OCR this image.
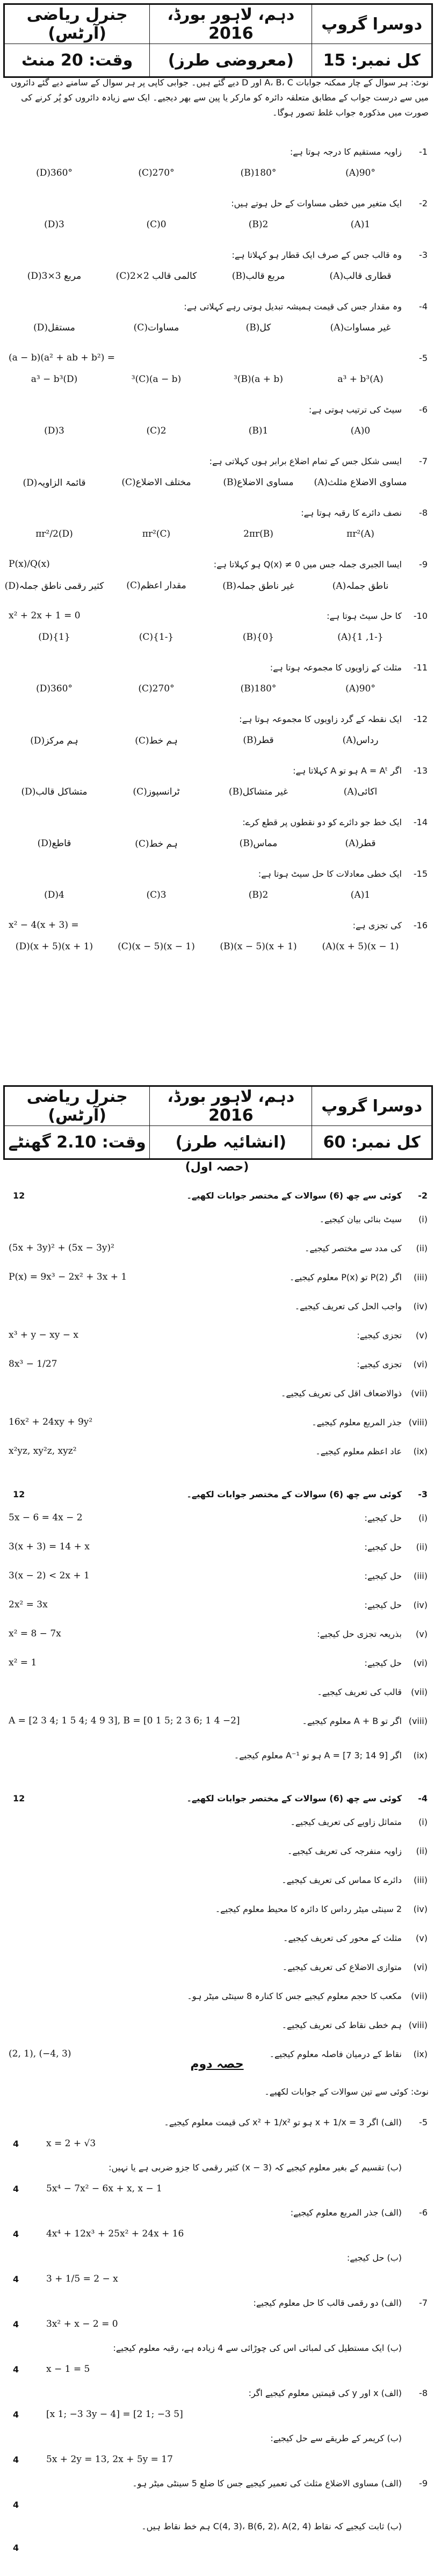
جنرل ریاضی (آرٹس)	دہم، لاہور بورڈ، 2016	دوسرا گروپ
وقت: 20 منٹ	(معروضی طرز)	کل نمبر: 15
نوٹ: ہر سوال کے چار ممکنہ جوابات A، B، C اور D دیے گئے ہیں۔ جوابی کاپی پر ہر سوال کے سامنے دیے گئے دائروں میں سے درست جواب کے مطابق متعلقہ دائرہ کو مارکر یا پین سے بھر دیجیے۔ ایک سے زیادہ دائروں کو پُر کرنے کی صورت میں مذکورہ جواب غلط تصور ہوگا۔
زاویہ مستقیم کا درجہ ہوتا ہے:	-1
90°(A)
180°(B)
270°(C)
360°(D)
ایک متغیر میں خطی مساوات کے حل ہوتے ہیں:	-2
1(A)
2(B)
0(C)
3(D)
وہ قالب جس کے صرف ایک قطار ہو کہلاتا ہے:	-3
قطاری قالب(A)
مربع قالب(B)
کالمی قالب 2×2(C)
مربع 3×3(D)
وہ مقدار جس کی قیمت ہمیشہ تبدیل ہوتی رہے کہلاتی ہے:	-4
غیر مساوات(A)
کل(B)
مساوات(C)
مستقل(D)
-5
(a − b)(a² + ab + b²) =
a³ + b³(A)
(a + b)³(B)
(a − b)³(C)
a³ − b³(D)
سیٹ کی ترتیب ہوتی ہے:	-6
0(A)
1(B)
2(C)
3(D)
ایسی شکل جس کے تمام اضلاع برابر ہوں کہلاتی ہے:	-7
مساوی الاضلاع مثلث(A)
مساوی الاضلاع(B)
مختلف الاضلاع(C)
قائمۃ الزاویہ(D)
نصف دائرے کا رقبہ ہوتا ہے:	-8
πr²(A)
2πr(B)
πr²(C)
πr²/2(D)
ایسا الجبری جملہ جس میں Q(x) ≠ 0 ہو کہلاتا ہے:	-9
P(x)/Q(x)
ناطق جملہ(A)
غیر ناطق جملہ(B)
مقدار اعظم(C)
کثیر رقمی ناطق جملہ(D)
کا حل سیٹ ہوتا ہے:	-10
x² + 2x + 1 = 0
{-1, 1}(A)
{0}(B)
{-1}(C)
{1}(D)
مثلث کے زاویوں کا مجموعہ ہوتا ہے:	-11
90°(A)
180°(B)
270°(C)
360°(D)
ایک نقطہ کے گرد زاویوں کا مجموعہ ہوتا ہے:	-12
رداس(A)
قطر(B)
ہم خط(C)
ہم مرکز(D)
اگر A = Aᵗ ہو تو A کہلاتا ہے:	-13
اکائی(A)
غیر متشاکل(B)
ٹرانسپوز(C)
متشاکل قالب(D)
ایک خط جو دائرے کو دو نقطوں پر قطع کرے:	-14
قطر(A)
مماس(B)
ہم خط(C)
قاطع(D)
ایک خطی معادلات کا حل سیٹ ہوتا ہے:	-15
1(A)
2(B)
3(C)
4(D)
کی تجزی ہے:	-16
x² − 4(x + 3) =
(x − 1)(x + 5)(A)
(x + 1)(x − 5)(B)
(x − 1)(x − 5)(C)
(x + 1)(x + 5)(D)
جنرل ریاضی (آرٹس)	دہم، لاہور بورڈ، 2016	دوسرا گروپ
وقت: 2.10 گھنٹے	(انشائیہ طرز)	کل نمبر: 60
(حصہ اول)
کوئی سے چھ (6) سوالات کے مختصر جوابات لکھیے۔	-2
12
سیٹ بنائی بیان کیجیے۔	(i)
کی مدد سے مختصر کیجیے۔	(ii)
(5x + 3y)² + (5x − 3y)²
اگر P(2) تو P(x) معلوم کیجیے۔	(iii)
P(x) = 9x³ − 2x² + 3x + 1
واجب الحل کی تعریف کیجیے۔	(iv)
تجزی کیجیے:	(v)
x³ + y − xy − x
تجزی کیجیے:	(vi)
8x³ − 1/27
ذوالاضعاف اقل کی تعریف کیجیے۔	(vii)
جذر المربع معلوم کیجیے۔ (viii)
16x² + 24xy + 9y²
عاد اعظم معلوم کیجیے۔	(ix)
x²yz, xy²z, xyz²
کوئی سے چھ (6) سوالات کے مختصر جوابات لکھیے۔	-3
12
حل کیجیے:	(i)
5x − 6 = 4x − 2
حل کیجیے:	(ii)
3(x + 3) = 14 + x
حل کیجیے:	(iii)
3(x − 2) < 2x + 1
حل کیجیے:	(iv)
2x² = 3x
بذریعہ تجزی حل کیجیے:	(v)
x² = 8 − 7x
حل کیجیے:	(vi)
x² = 1
قالب کی تعریف کیجیے۔	(vii)
اگر تو A + B معلوم کیجیے۔ (viii)
A = [2 3 4; 1 5 4; 4 9 3], B = [0 1 5; 2 3 6; 1 4 −2]
اگر A = [7 3; 14 9] ہو تو A⁻¹ معلوم کیجیے۔	(ix)
کوئی سے چھ (6) سوالات کے مختصر جوابات لکھیے۔	-4
12
متماثل زاویے کی تعریف کیجیے۔	(i)
زاویہ منفرجہ کی تعریف کیجیے۔	(ii)
دائرے کا مماس کی تعریف کیجیے۔	(iii)
2 سینٹی میٹر رداس کا دائرہ کا محیط معلوم کیجیے۔	(iv)
مثلث کے محور کی تعریف کیجیے۔	(v)
متوازی الاضلاع کی تعریف کیجیے۔	(vi)
مکعب کا حجم معلوم کیجیے جس کا کنارہ 8 سینٹی میٹر ہو۔	(vii)
ہم خطی نقاط کی تعریف کیجیے۔ (viii)
نقاط کے درمیان فاصلہ معلوم کیجیے۔	(ix)
(2, 1), (−4, 3)
حصہ دوم
نوٹ: کوئی سے تین سوالات کے جوابات لکھیے۔
(الف) اگر x + 1/x = 3 ہو تو x² + 1/x² کی قیمت معلوم کیجیے۔	-5
x = 2 + √3
4
(ب) تقسیم کے بغیر معلوم کیجیے کہ (x − 3) کثیر رقمی کا جزو ضربی ہے یا نہیں:
5x⁴ − 7x² − 6x + x, x − 1
4
(الف) جذر المربع معلوم کیجیے:	-6
4x⁴ + 12x³ + 25x² + 24x + 16
4
(ب) حل کیجیے:
3 + 1/5 = 2 − x
4
(الف) دو رقمی قالب کا حل معلوم کیجیے:	-7
3x² + x − 2 = 0
4
(ب) ایک مستطیل کی لمبائی اس کی چوڑائی سے 4 زیادہ ہے، رقبہ معلوم کیجیے:
x − 1 = 5
4
(الف) x اور y کی قیمتیں معلوم کیجیے اگر:	-8
[x 1; −3 3y − 4] = [2 1; −3 5]
4
(ب) کریمر کے طریقے سے حل کیجیے:
5x + 2y = 13, 2x + 5y = 17
4
(الف) مساوی الاضلاع مثلث کی تعمیر کیجیے جس کا ضلع 5 سینٹی میٹر ہو۔	-9
4
(ب) ثابت کیجیے کہ نقاط C(4, 3)، B(6, 2)، A(2, 4) ہم خط نقاط ہیں۔
4
